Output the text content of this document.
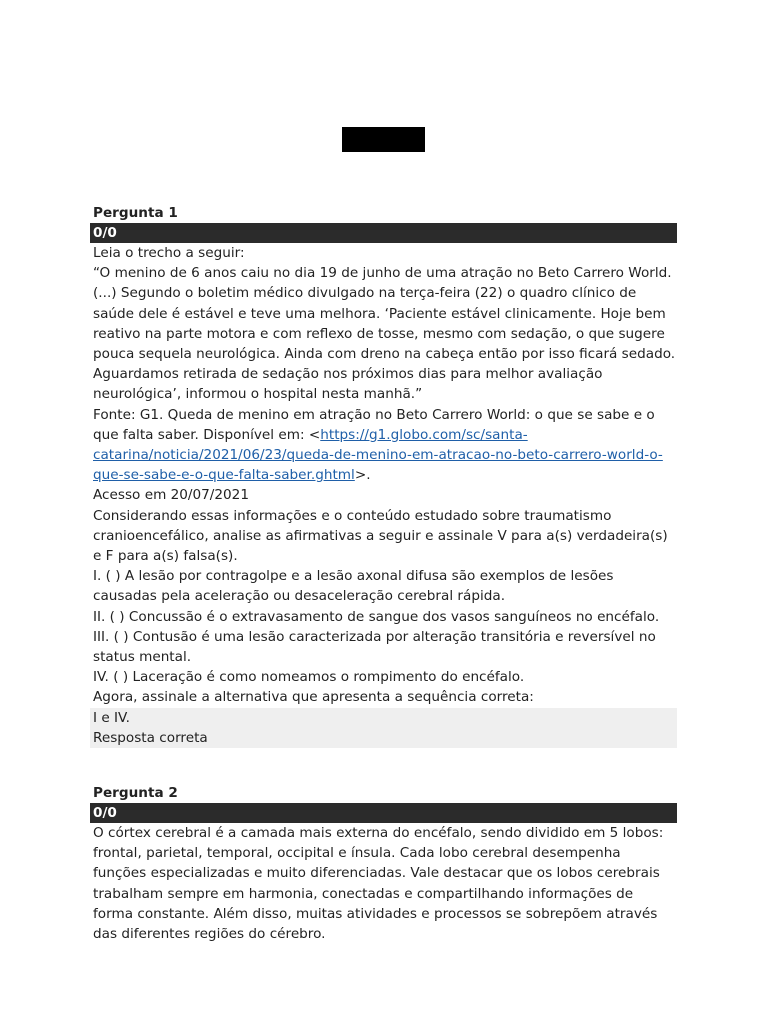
Pergunta 1
0/0

Leia o trecho a seguir:

“O menino de 6 anos caiu no dia 19 de junho de uma atração no Beto Carrero World. (...) Segundo o boletim médico divulgado na terça-feira (22) o quadro clínico de saúde dele é estável e teve uma melhora. ‘Paciente estável clinicamente. Hoje bem reativo na parte motora e com reflexo de tosse, mesmo com sedação, o que sugere pouca sequela neurológica. Ainda com dreno na cabeça então por isso ficará sedado. Aguardamos retirada de sedação nos próximos dias para melhor avaliação neurológica’, informou o hospital nesta manhã.”

Fonte: G1. Queda de menino em atração no Beto Carrero World: o que se sabe e o que falta saber. Disponível em: <https://g1.globo.com/sc/santa-catarina/noticia/2021/06/23/queda-de-menino-em-atracao-no-beto-carrero-world-o-que-se-sabe-e-o-que-falta-saber.ghtml>.

Acesso em 20/07/2021

Considerando essas informações e o conteúdo estudado sobre traumatismo cranioencefálico, analise as afirmativas a seguir e assinale V para a(s) verdadeira(s) e F para a(s) falsa(s).

I. ( ) A lesão por contragolpe e a lesão axonal difusa são exemplos de lesões causadas pela aceleração ou desaceleração cerebral rápida.

II. ( ) Concussão é o extravasamento de sangue dos vasos sanguíneos no encéfalo.

III. ( ) Contusão é uma lesão caracterizada por alteração transitória e reversível no status mental.

IV. ( ) Laceração é como nomeamos o rompimento do encéfalo.

Agora, assinale a alternativa que apresenta a sequência correta:

I e IV.

Resposta correta

Pergunta 2
0/0

O córtex cerebral é a camada mais externa do encéfalo, sendo dividido em 5 lobos: frontal, parietal, temporal, occipital e ínsula. Cada lobo cerebral desempenha funções especializadas e muito diferenciadas. Vale destacar que os lobos cerebrais trabalham sempre em harmonia, conectadas e compartilhando informações de forma constante. Além disso, muitas atividades e processos se sobrepõem através das diferentes regiões do cérebro.
